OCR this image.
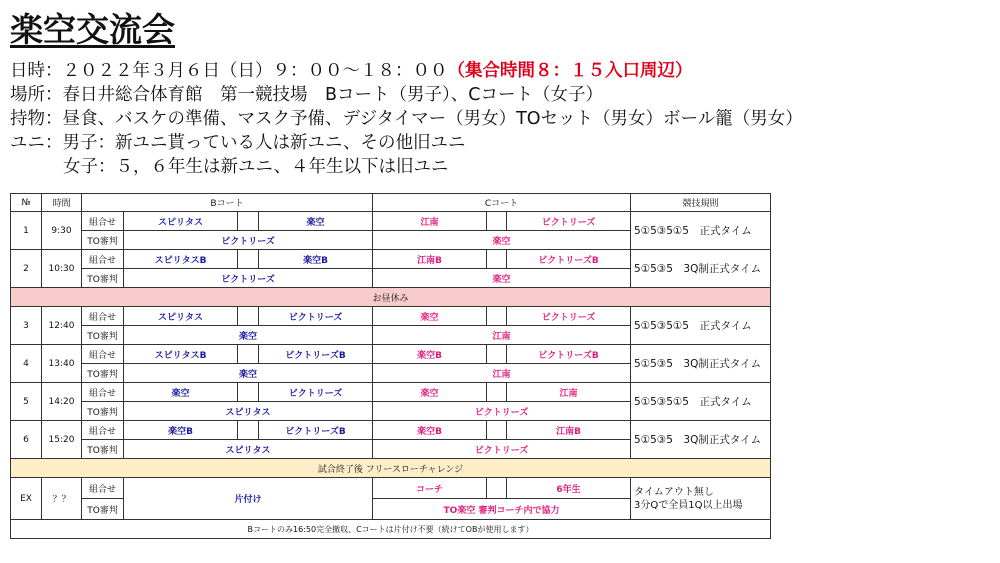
楽空交流会
日時：２０２２年３月６日（日）９：００〜１８：００（集合時間８：１５入口周辺）
場所：春日井総合体育館　第一競技場　Bコート（男子）、Cコート（女子）
持物：昼食、バスケの準備、マスク予備、デジタイマー（男女）TOセット（男女）ボール籠（男女）
ユニ：男子：新ユニ貰っている人は新ユニ、その他旧ユニ
女子：５，６年生は新ユニ、４年生以下は旧ユニ
№	時間	Bコート				Cコート			競技規則
1	9:30	組合せ	スピリタス		楽空	江南		ビクトリーズ	5①5③5①5　正式タイム
		TO審判	ビクトリーズ			楽空			
2	10:30	組合せ	スピリタスB		楽空B	江南B		ビクトリーズB	5①5③5　3Q制正式タイム
		TO審判	ビクトリーズ			楽空			
お昼休み									
3	12:40	組合せ	スピリタス		ビクトリーズ	楽空		ビクトリーズ	5①5③5①5　正式タイム
		TO審判	楽空			江南			
4	13:40	組合せ	スピリタスB		ビクトリーズB	楽空B		ビクトリーズB	5①5③5　3Q制正式タイム
		TO審判	楽空			江南			
5	14:20	組合せ	楽空		ビクトリーズ	楽空		江南	5①5③5①5　正式タイム
		TO審判	スピリタス			ビクトリーズ			
6	15:20	組合せ	楽空B		ビクトリーズB	楽空B		江南B	5①5③5　3Q制正式タイム
		TO審判	スピリタス			ビクトリーズ			
試合終了後 フリースローチャレンジ									
EX	？？	組合せ	片付け			コーチ		6年生	タイムアウト無し
3分Qで全員1Q以上出場

		TO審判				TO楽空 審判コーチ内で協力			
Bコートのみ16:50完全撤収、Cコートは片付け不要（続けてOBが使用します）									
